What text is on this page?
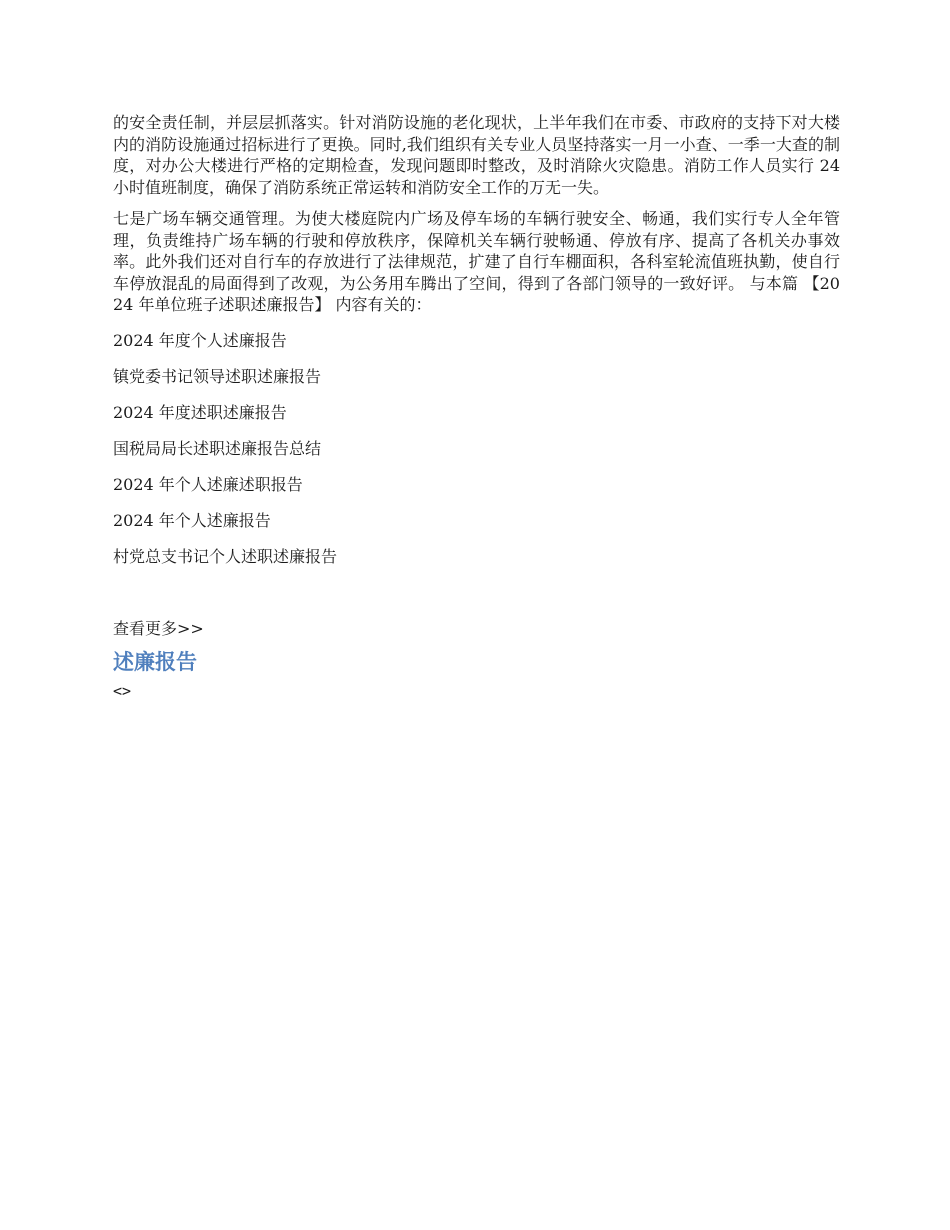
的安全责任制，并层层抓落实。针对消防设施的老化现状，上半年我们在市委、市政府的支持下对大楼内的消防设施通过招标进行了更换。同时,我们组织有关专业人员坚持落实一月一小查、一季一大查的制度，对办公大楼进行严格的定期检查，发现问题即时整改，及时消除火灾隐患。消防工作人员实行 24 小时值班制度，确保了消防系统正常运转和消防安全工作的万无一失。

七是广场车辆交通管理。为使大楼庭院内广场及停车场的车辆行驶安全、畅通，我们实行专人全年管理，负责维持广场车辆的行驶和停放秩序，保障机关车辆行驶畅通、停放有序、提高了各机关办事效率。此外我们还对自行车的存放进行了法律规范，扩建了自行车棚面积，各科室轮流值班执勤，使自行车停放混乱的局面得到了改观，为公务用车腾出了空间，得到了各部门领导的一致好评。 与本篇 【2024 年单位班子述职述廉报告】 内容有关的：

2024 年度个人述廉报告
镇党委书记领导述职述廉报告
2024 年度述职述廉报告
国税局局长述职述廉报告总结
2024 年个人述廉述职报告
2024 年个人述廉报告
村党总支书记个人述职述廉报告
查看更多>>
述廉报告
<>
